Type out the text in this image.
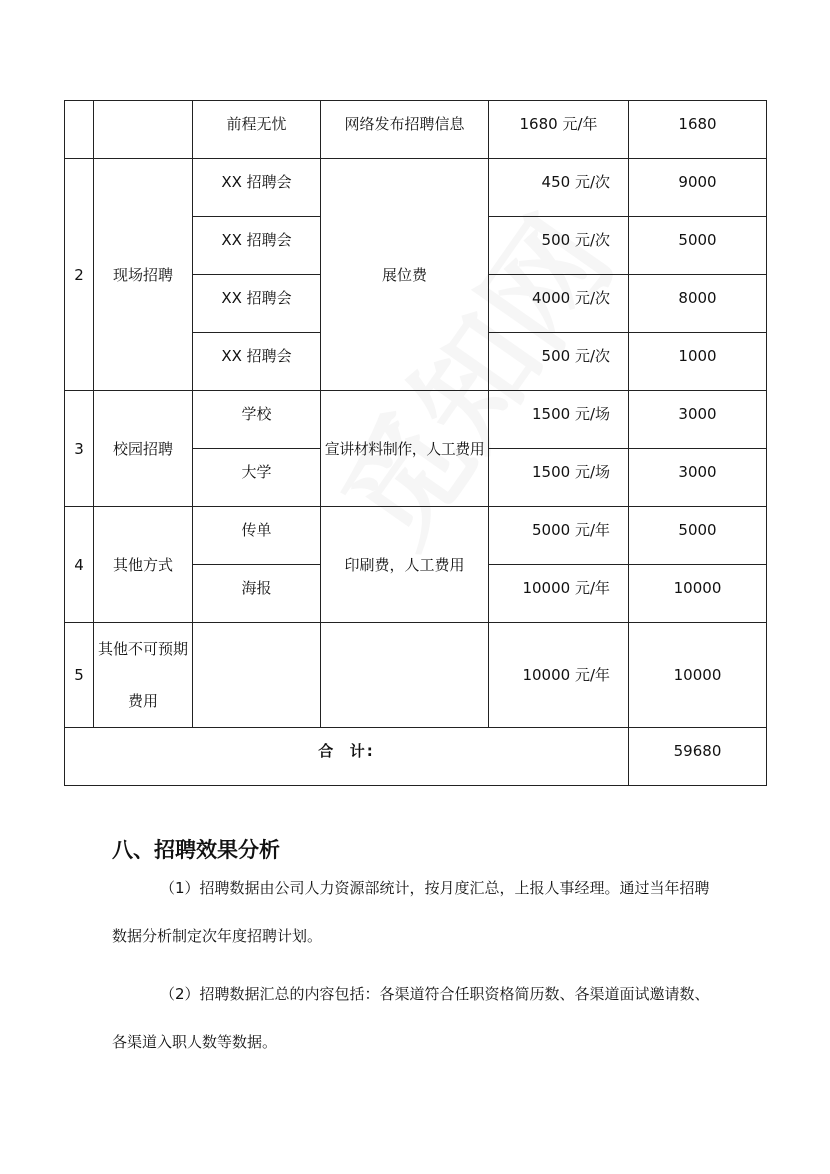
		前程无忧	网络发布招聘信息	1680 元/年	1680
2	现场招聘	XX 招聘会	展位费	450 元/次	9000
		XX 招聘会		500 元/次	5000
		XX 招聘会		4000 元/次	8000
		XX 招聘会		500 元/次	1000
3	校园招聘	学校	宣讲材料制作，人工费用	1500 元/场	3000
		大学		1500 元/场	3000
4	其他方式	传单	印刷费，人工费用	5000 元/年	5000
		海报		10000 元/年	10000
5	其他不可预期费用			10000 元/年	10000
合  计:					59680
八、招聘效果分析

（1）招聘数据由公司人力资源部统计，按月度汇总，上报人事经理。通过当年招聘数据分析制定次年度招聘计划。

（2）招聘数据汇总的内容包括：各渠道符合任职资格简历数、各渠道面试邀请数、各渠道入职人数等数据。
